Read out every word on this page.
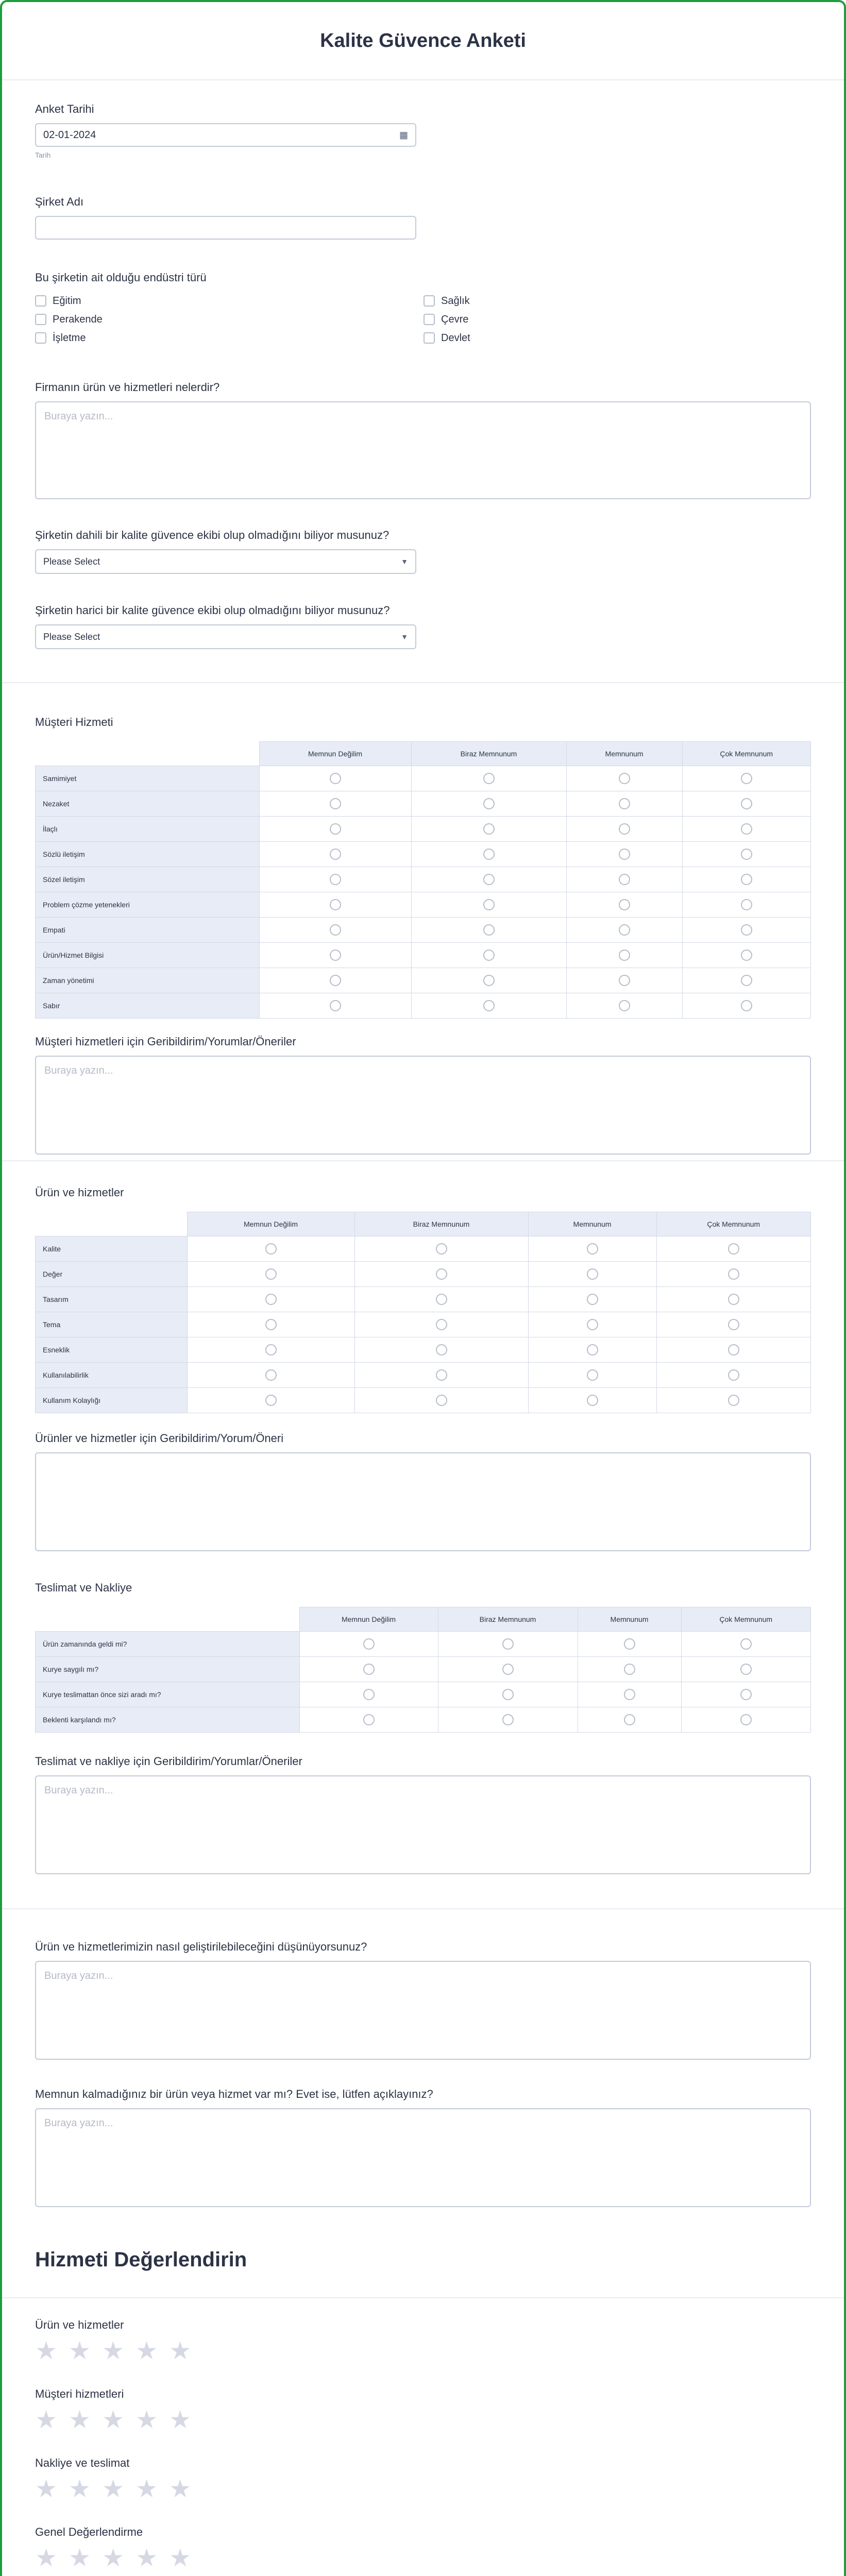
Kalite Güvence Anketi
Anket Tarihi
02-01-2024	▦
Tarih
Şirket Adı
Bu şirketin ait olduğu endüstri türü
Eğitim	Sağlık
Perakende	Çevre
İşletme	Devlet
Firmanın ürün ve hizmetleri nelerdir?
Buraya yazın...
Şirketin dahili bir kalite güvence ekibi olup olmadığını biliyor musunuz?
Please Select	▼
Şirketin harici bir kalite güvence ekibi olup olmadığını biliyor musunuz?
Please Select	▼
Müşteri Hizmeti
	Memnun Değilim	Biraz Memnunum	Memnunum	Çok Memnunum
Samimiyet				
Nezaket				
İlaçlı				
Sözlü iletişim				
Sözel iletişim				
Problem çözme yetenekleri				
Empati				
Ürün/Hizmet Bilgisi				
Zaman yönetimi				
Sabır				
Müşteri hizmetleri için Geribildirim/Yorumlar/Öneriler
Buraya yazın...
Ürün ve hizmetler
	Memnun Değilim	Biraz Memnunum	Memnunum	Çok Memnunum
Kalite				
Değer				
Tasarım				
Tema				
Esneklik				
Kullanılabilirlik				
Kullanım Kolaylığı				
Ürünler ve hizmetler için Geribildirim/Yorum/Öneri
Teslimat ve Nakliye
	Memnun Değilim	Biraz Memnunum	Memnunum	Çok Memnunum
Ürün zamanında geldi mi?				
Kurye saygılı mı?				
Kurye teslimattan önce sizi aradı mı?				
Beklenti karşılandı mı?				
Teslimat ve nakliye için Geribildirim/Yorumlar/Öneriler
Buraya yazın...
Ürün ve hizmetlerimizin nasıl geliştirilebileceğini düşünüyorsunuz?
Buraya yazın...
Memnun kalmadığınız bir ürün veya hizmet var mı? Evet ise, lütfen açıklayınız?
Buraya yazın...
Hizmeti Değerlendirin
Ürün ve hizmetler
★ ★ ★ ★ ★
Müşteri hizmetleri
★ ★ ★ ★ ★
Nakliye ve teslimat
★ ★ ★ ★ ★
Genel Değerlendirme
★ ★ ★ ★ ★
